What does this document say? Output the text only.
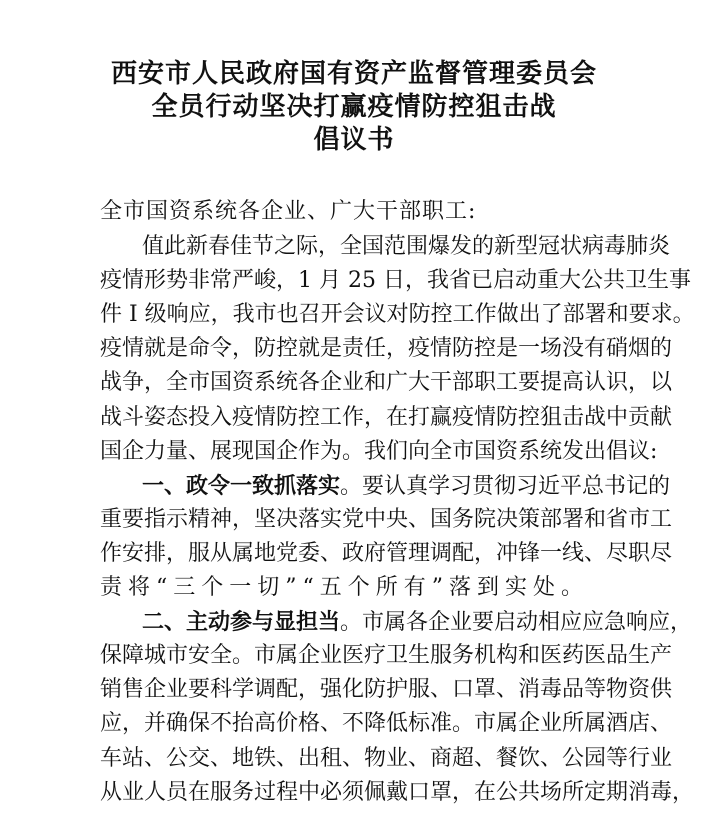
西安市人民政府国有资产监督管理委员会
全员行动坚决打赢疫情防控狙击战
倡议书
全市国资系统各企业、广大干部职工:
值此新春佳节之际，全国范围爆发的新型冠状病毒肺炎
疫情形势非常严峻，1 月 25 日，我省已启动重大公共卫生事
件 I 级响应，我市也召开会议对防控工作做出了部署和要求。
疫情就是命令，防控就是责任，疫情防控是一场没有硝烟的
战争，全市国资系统各企业和广大干部职工要提高认识，以
战斗姿态投入疫情防控工作，在打赢疫情防控狙击战中贡献
国企力量、展现国企作为。我们向全市国资系统发出倡议:
一、政令一致抓落实。要认真学习贯彻习近平总书记的
重要指示精神，坚决落实党中央、国务院决策部署和省市工
作安排，服从属地党委、政府管理调配，冲锋一线、尽职尽
责将“三个一切”“五个所有”落到实处。
二、主动参与显担当。市属各企业要启动相应应急响应，
保障城市安全。市属企业医疗卫生服务机构和医药医品生产
销售企业要科学调配，强化防护服、口罩、消毒品等物资供
应，并确保不抬高价格、不降低标准。市属企业所属酒店、
车站、公交、地铁、出租、物业、商超、餐饮、公园等行业
从业人员在服务过程中必须佩戴口罩，在公共场所定期消毒，
